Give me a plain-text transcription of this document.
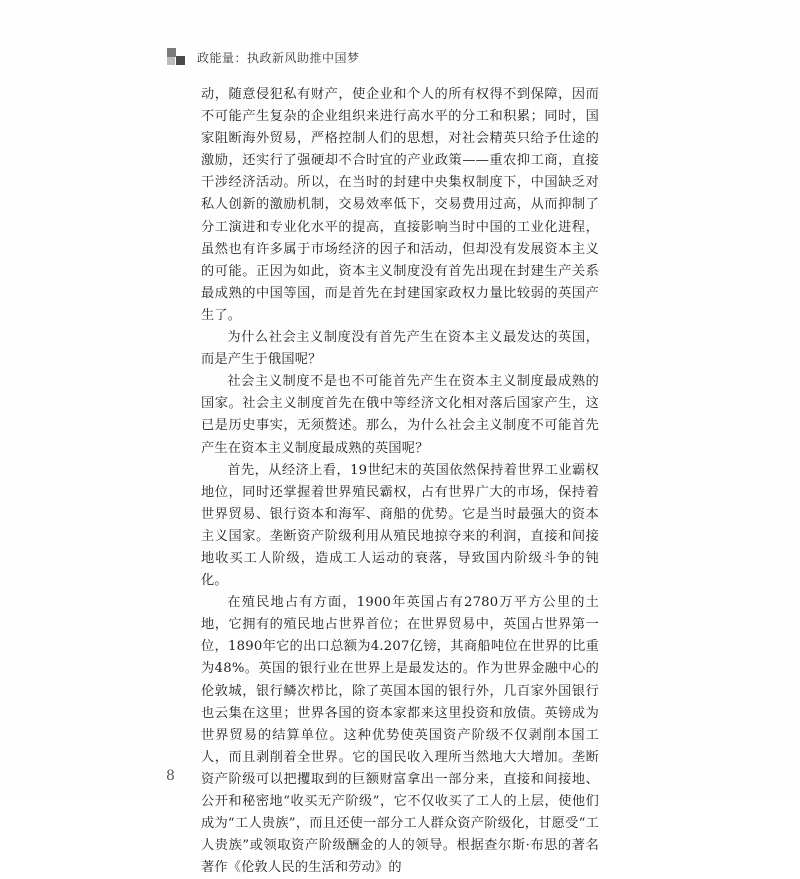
政能量：执政新风助推中国梦

动，随意侵犯私有财产，使企业和个人的所有权得不到保障，因而不可能产生复杂的企业组织来进行高水平的分工和积累；同时，国家阻断海外贸易，严格控制人们的思想，对社会精英只给予仕途的激励，还实行了强硬却不合时宜的产业政策——重农抑工商，直接干涉经济活动。所以，在当时的封建中央集权制度下，中国缺乏对私人创新的激励机制，交易效率低下，交易费用过高，从而抑制了分工演进和专业化水平的提高，直接影响当时中国的工业化进程，虽然也有许多属于市场经济的因子和活动，但却没有发展资本主义的可能。正因为如此，资本主义制度没有首先出现在封建生产关系最成熟的中国等国，而是首先在封建国家政权力量比较弱的英国产生了。

为什么社会主义制度没有首先产生在资本主义最发达的英国，而是产生于俄国呢？

社会主义制度不是也不可能首先产生在资本主义制度最成熟的国家。社会主义制度首先在俄中等经济文化相对落后国家产生，这已是历史事实，无须赘述。那么，为什么社会主义制度不可能首先产生在资本主义制度最成熟的英国呢？

首先，从经济上看，19世纪末的英国依然保持着世界工业霸权地位，同时还掌握着世界殖民霸权，占有世界广大的市场，保持着世界贸易、银行资本和海军、商船的优势。它是当时最强大的资本主义国家。垄断资产阶级利用从殖民地掠夺来的利润，直接和间接地收买工人阶级，造成工人运动的衰落，导致国内阶级斗争的钝化。

在殖民地占有方面，1900年英国占有2780万平方公里的土地，它拥有的殖民地占世界首位；在世界贸易中，英国占世界第一位，1890年它的出口总额为4.207亿镑，其商船吨位在世界的比重为48%。英国的银行业在世界上是最发达的。作为世界金融中心的伦敦城，银行鳞次栉比，除了英国本国的银行外，几百家外国银行也云集在这里；世界各国的资本家都来这里投资和放债。英镑成为世界贸易的结算单位。这种优势使英国资产阶级不仅剥削本国工人，而且剥削着全世界。它的国民收入理所当然地大大增加。垄断资产阶级可以把攫取到的巨额财富拿出一部分来，直接和间接地、公开和秘密地“收买无产阶级”，它不仅收买了工人的上层，使他们成为“工人贵族”，而且还使一部分工人群众资产阶级化，甘愿受“工人贵族”或领取资产阶级酬金的人的领导。根据查尔斯·布思的著名著作《伦敦人民的生活和劳动》的

8
